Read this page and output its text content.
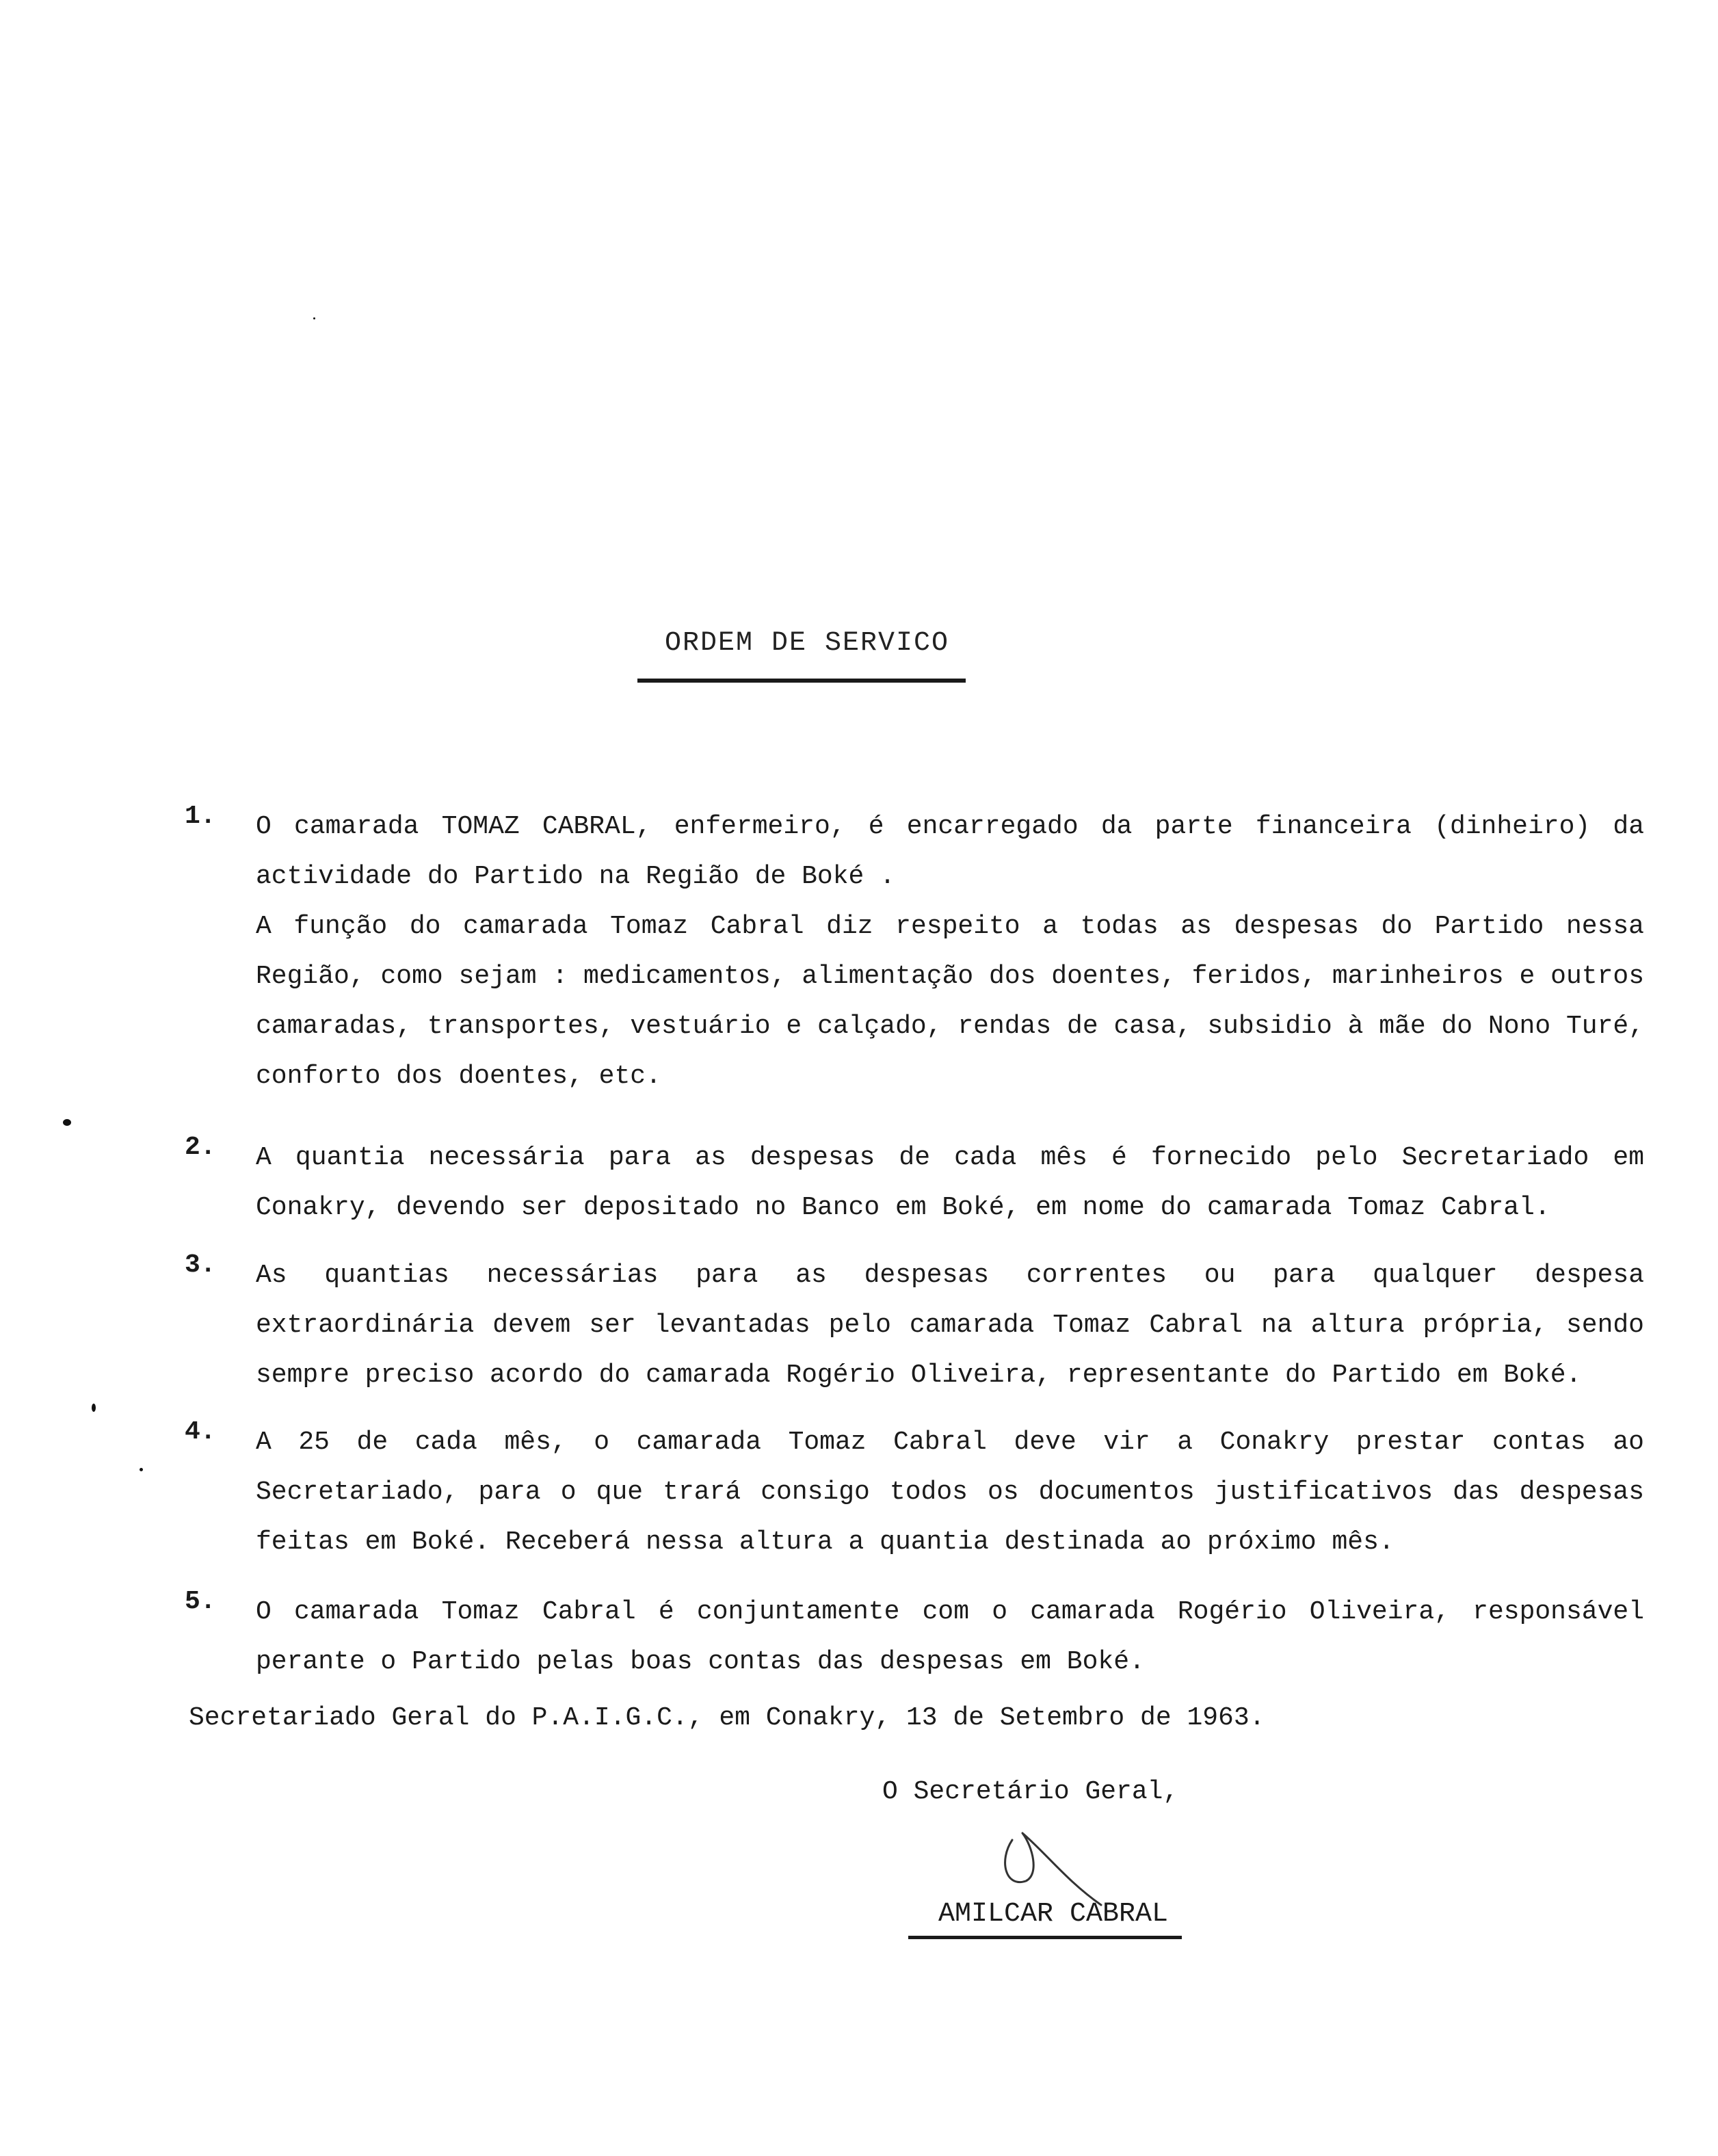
ORDEM DE SERVICO
1.	O camarada TOMAZ CABRAL, enfermeiro, é encarregado da parte financeira (dinheiro) da actividade do Partido na Região de Boké .

A função do camarada Tomaz Cabral diz respeito a todas as despesas do Partido nessa Região, como sejam : medicamentos, alimentação dos doentes, feridos, marinheiros e outros camaradas, transportes, vestuário e calçado, rendas de casa, subsidio à mãe do Nono Turé, conforto dos doentes, etc.

2.	A quantia necessária para as despesas de cada mês é fornecido pelo Secretariado em Conakry, devendo ser depositado no Banco em Boké, em nome do camarada Tomaz Cabral.

3.	As quantias necessárias para as despesas correntes ou para qualquer despesa extraordinária devem ser levantadas pelo camarada Tomaz Cabral na altura própria, sendo sempre preciso acordo do camarada Rogério Oliveira, representante do Partido em Boké.

4.	A 25 de cada mês, o camarada Tomaz Cabral deve vir a Conakry prestar contas ao Secretariado, para o que trará consigo todos os documentos justificativos das despesas feitas em Boké. Receberá nessa altura a quantia destinada ao próximo mês.

5.	O camarada Tomaz Cabral é conjuntamente com o camarada Rogério Oliveira, responsável perante o Partido pelas boas contas das despesas em Boké.

Secretariado Geral do P.A.I.G.C., em Conakry, 13 de Setembro de 1963.
O Secretário Geral,
AMILCAR CABRAL
